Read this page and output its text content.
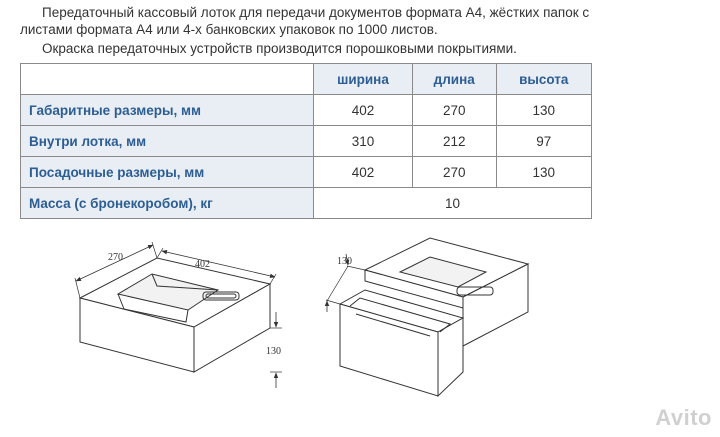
Передаточный кассовый лоток для передачи документов формата А4, жёстких папок с листами формата А4 или 4-х банковских упаковок по 1000 листов.

Окраска передаточных устройств производится порошковыми покрытиями.

	ширина	длина	высота
Габаритные размеры, мм	402	270	130
Внутри лотка, мм	310	212	97
Посадочные размеры, мм	402	270	130
Масса (с бронекоробом), кг	10		
270
402
130
130
Avito
